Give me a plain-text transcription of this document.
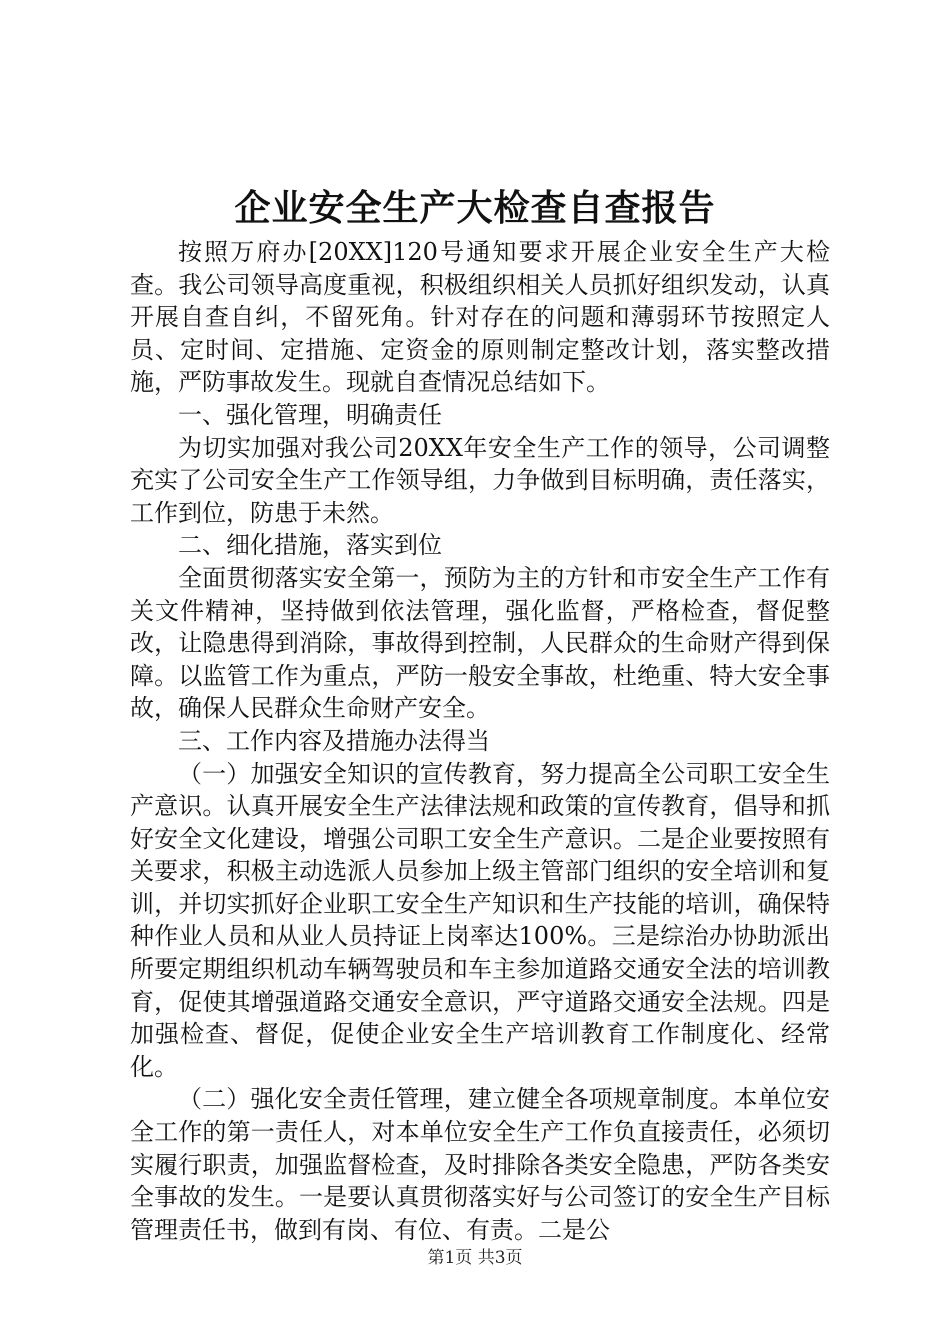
企业安全生产大检查自查报告

按照万府办[20XX]120号通知要求开展企业安全生产大检查。我公司领导高度重视，积极组织相关人员抓好组织发动，认真开展自查自纠，不留死角。针对存在的问题和薄弱环节按照定人员、定时间、定措施、定资金的原则制定整改计划，落实整改措施，严防事故发生。现就自查情况总结如下。

一、强化管理，明确责任

为切实加强对我公司20XX年安全生产工作的领导，公司调整充实了公司安全生产工作领导组，力争做到目标明确，责任落实，工作到位，防患于未然。

二、细化措施，落实到位

全面贯彻落实安全第一，预防为主的方针和市安全生产工作有关文件精神，坚持做到依法管理，强化监督，严格检查，督促整改，让隐患得到消除，事故得到控制，人民群众的生命财产得到保障。以监管工作为重点，严防一般安全事故，杜绝重、特大安全事故，确保人民群众生命财产安全。

三、工作内容及措施办法得当

（一）加强安全知识的宣传教育，努力提高全公司职工安全生产意识。认真开展安全生产法律法规和政策的宣传教育，倡导和抓好安全文化建设，增强公司职工安全生产意识。二是企业要按照有关要求，积极主动选派人员参加上级主管部门组织的安全培训和复训，并切实抓好企业职工安全生产知识和生产技能的培训，确保特种作业人员和从业人员持证上岗率达100%。三是综治办协助派出所要定期组织机动车辆驾驶员和车主参加道路交通安全法的培训教育，促使其增强道路交通安全意识，严守道路交通安全法规。四是加强检查、督促，促使企业安全生产培训教育工作制度化、经常化。

（二）强化安全责任管理，建立健全各项规章制度。本单位安全工作的第一责任人，对本单位安全生产工作负直接责任，必须切实履行职责，加强监督检查，及时排除各类安全隐患，严防各类安全事故的发生。一是要认真贯彻落实好与公司签订的安全生产目标管理责任书，做到有岗、有位、有责。二是公

第1页 共3页
